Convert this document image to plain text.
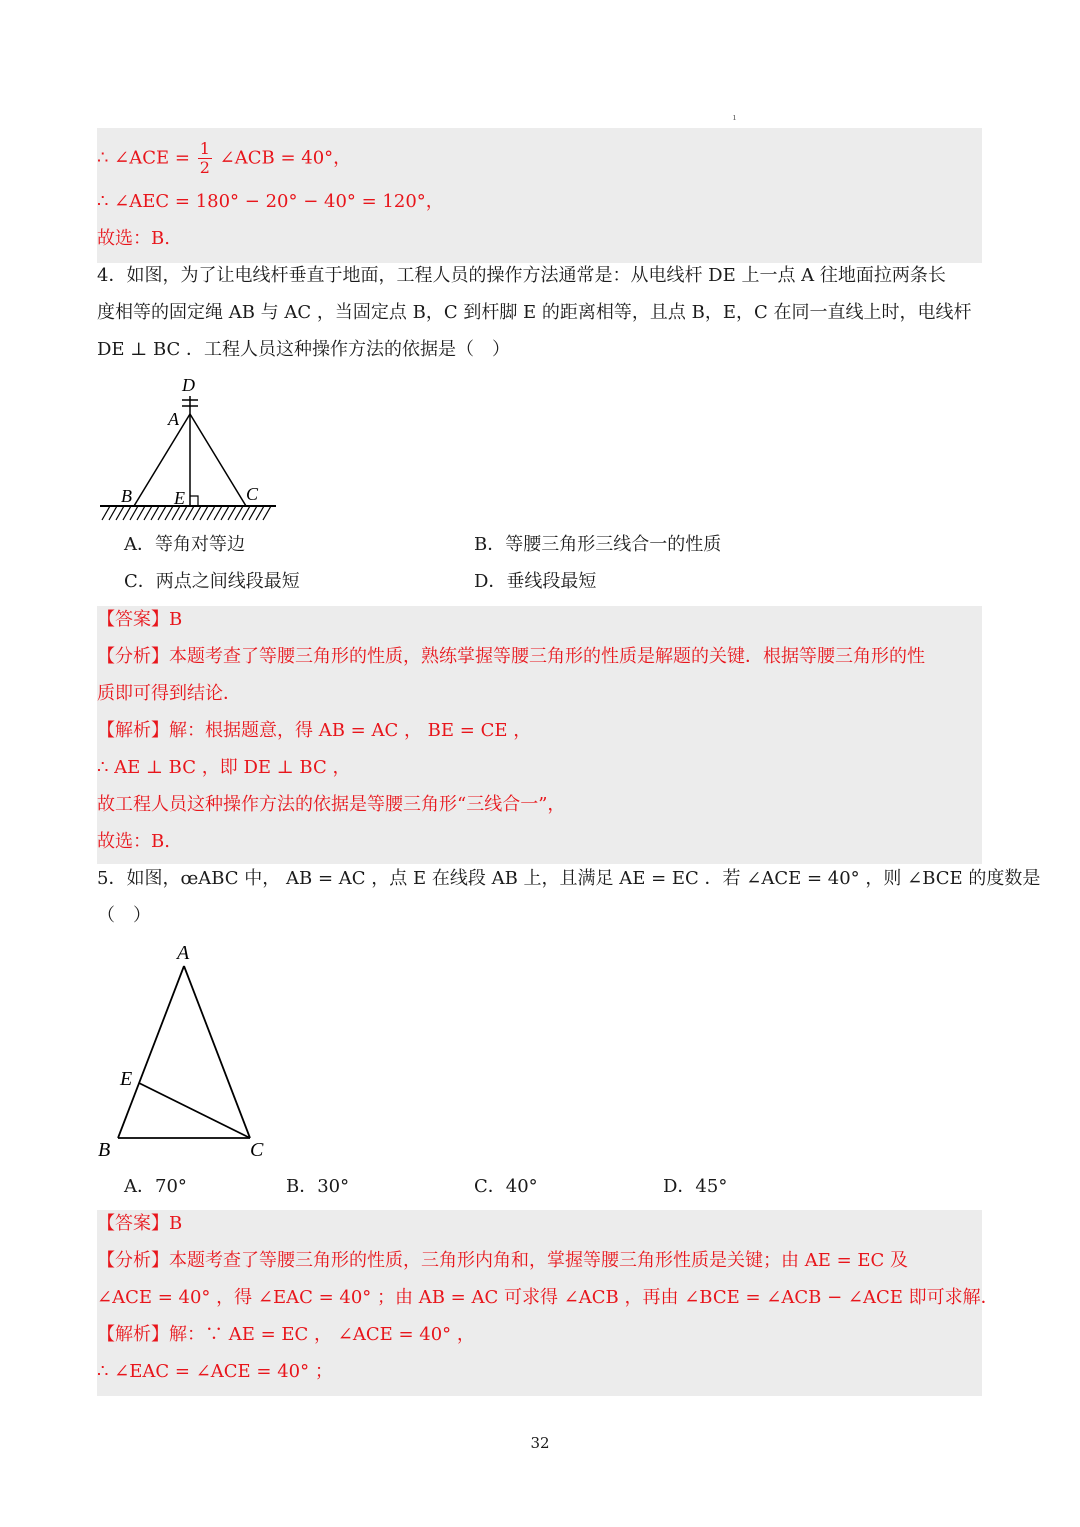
ı
∴ ∠ACE = $\frac{1}{2}$ ∠ACB = 40°，
∴ ∠AEC = 180° − 20° − 40° = 120°，
故选：B.
4．如图，为了让电线杆垂直于地面，工程人员的操作方法通常是：从电线杆 DE 上一点 A 往地面拉两条长
度相等的固定绳 AB 与 AC ，当固定点 B，C 到杆脚 E 的距离相等，且点 B，E，C 在同一直线上时，电线杆
DE ⊥ BC ．工程人员这种操作方法的依据是（　）
D
A
B E	C
A．等角对等边	B．等腰三角形三线合一的性质
C．两点之间线段最短	D．垂线段最短
【答案】B
【分析】本题考查了等腰三角形的性质，熟练掌握等腰三角形的性质是解题的关键．根据等腰三角形的性
质即可得到结论．
【解析】解：根据题意，得 AB = AC ， BE = CE ，
∴ AE ⊥ BC ，即 DE ⊥ BC ，
故工程人员这种操作方法的依据是等腰三角形“三线合一”，
故选：B.
5．如图，œABC 中， AB = AC ，点 E 在线段 AB 上，且满足 AE = EC ．若 ∠ACE = 40° ，则 ∠BCE 的度数是
（　）
A
E
B	C
A．70°	B．30°	C．40°	D．45°
【答案】B
【分析】本题考查了等腰三角形的性质，三角形内角和，掌握等腰三角形性质是关键；由 AE = EC 及
∠ACE = 40° ，得 ∠EAC = 40° ；由 AB = AC 可求得 ∠ACB ，再由 ∠BCE = ∠ACB − ∠ACE 即可求解．
【解析】解：∵ AE = EC ， ∠ACE = 40° ，
∴ ∠EAC = ∠ACE = 40° ；
32
